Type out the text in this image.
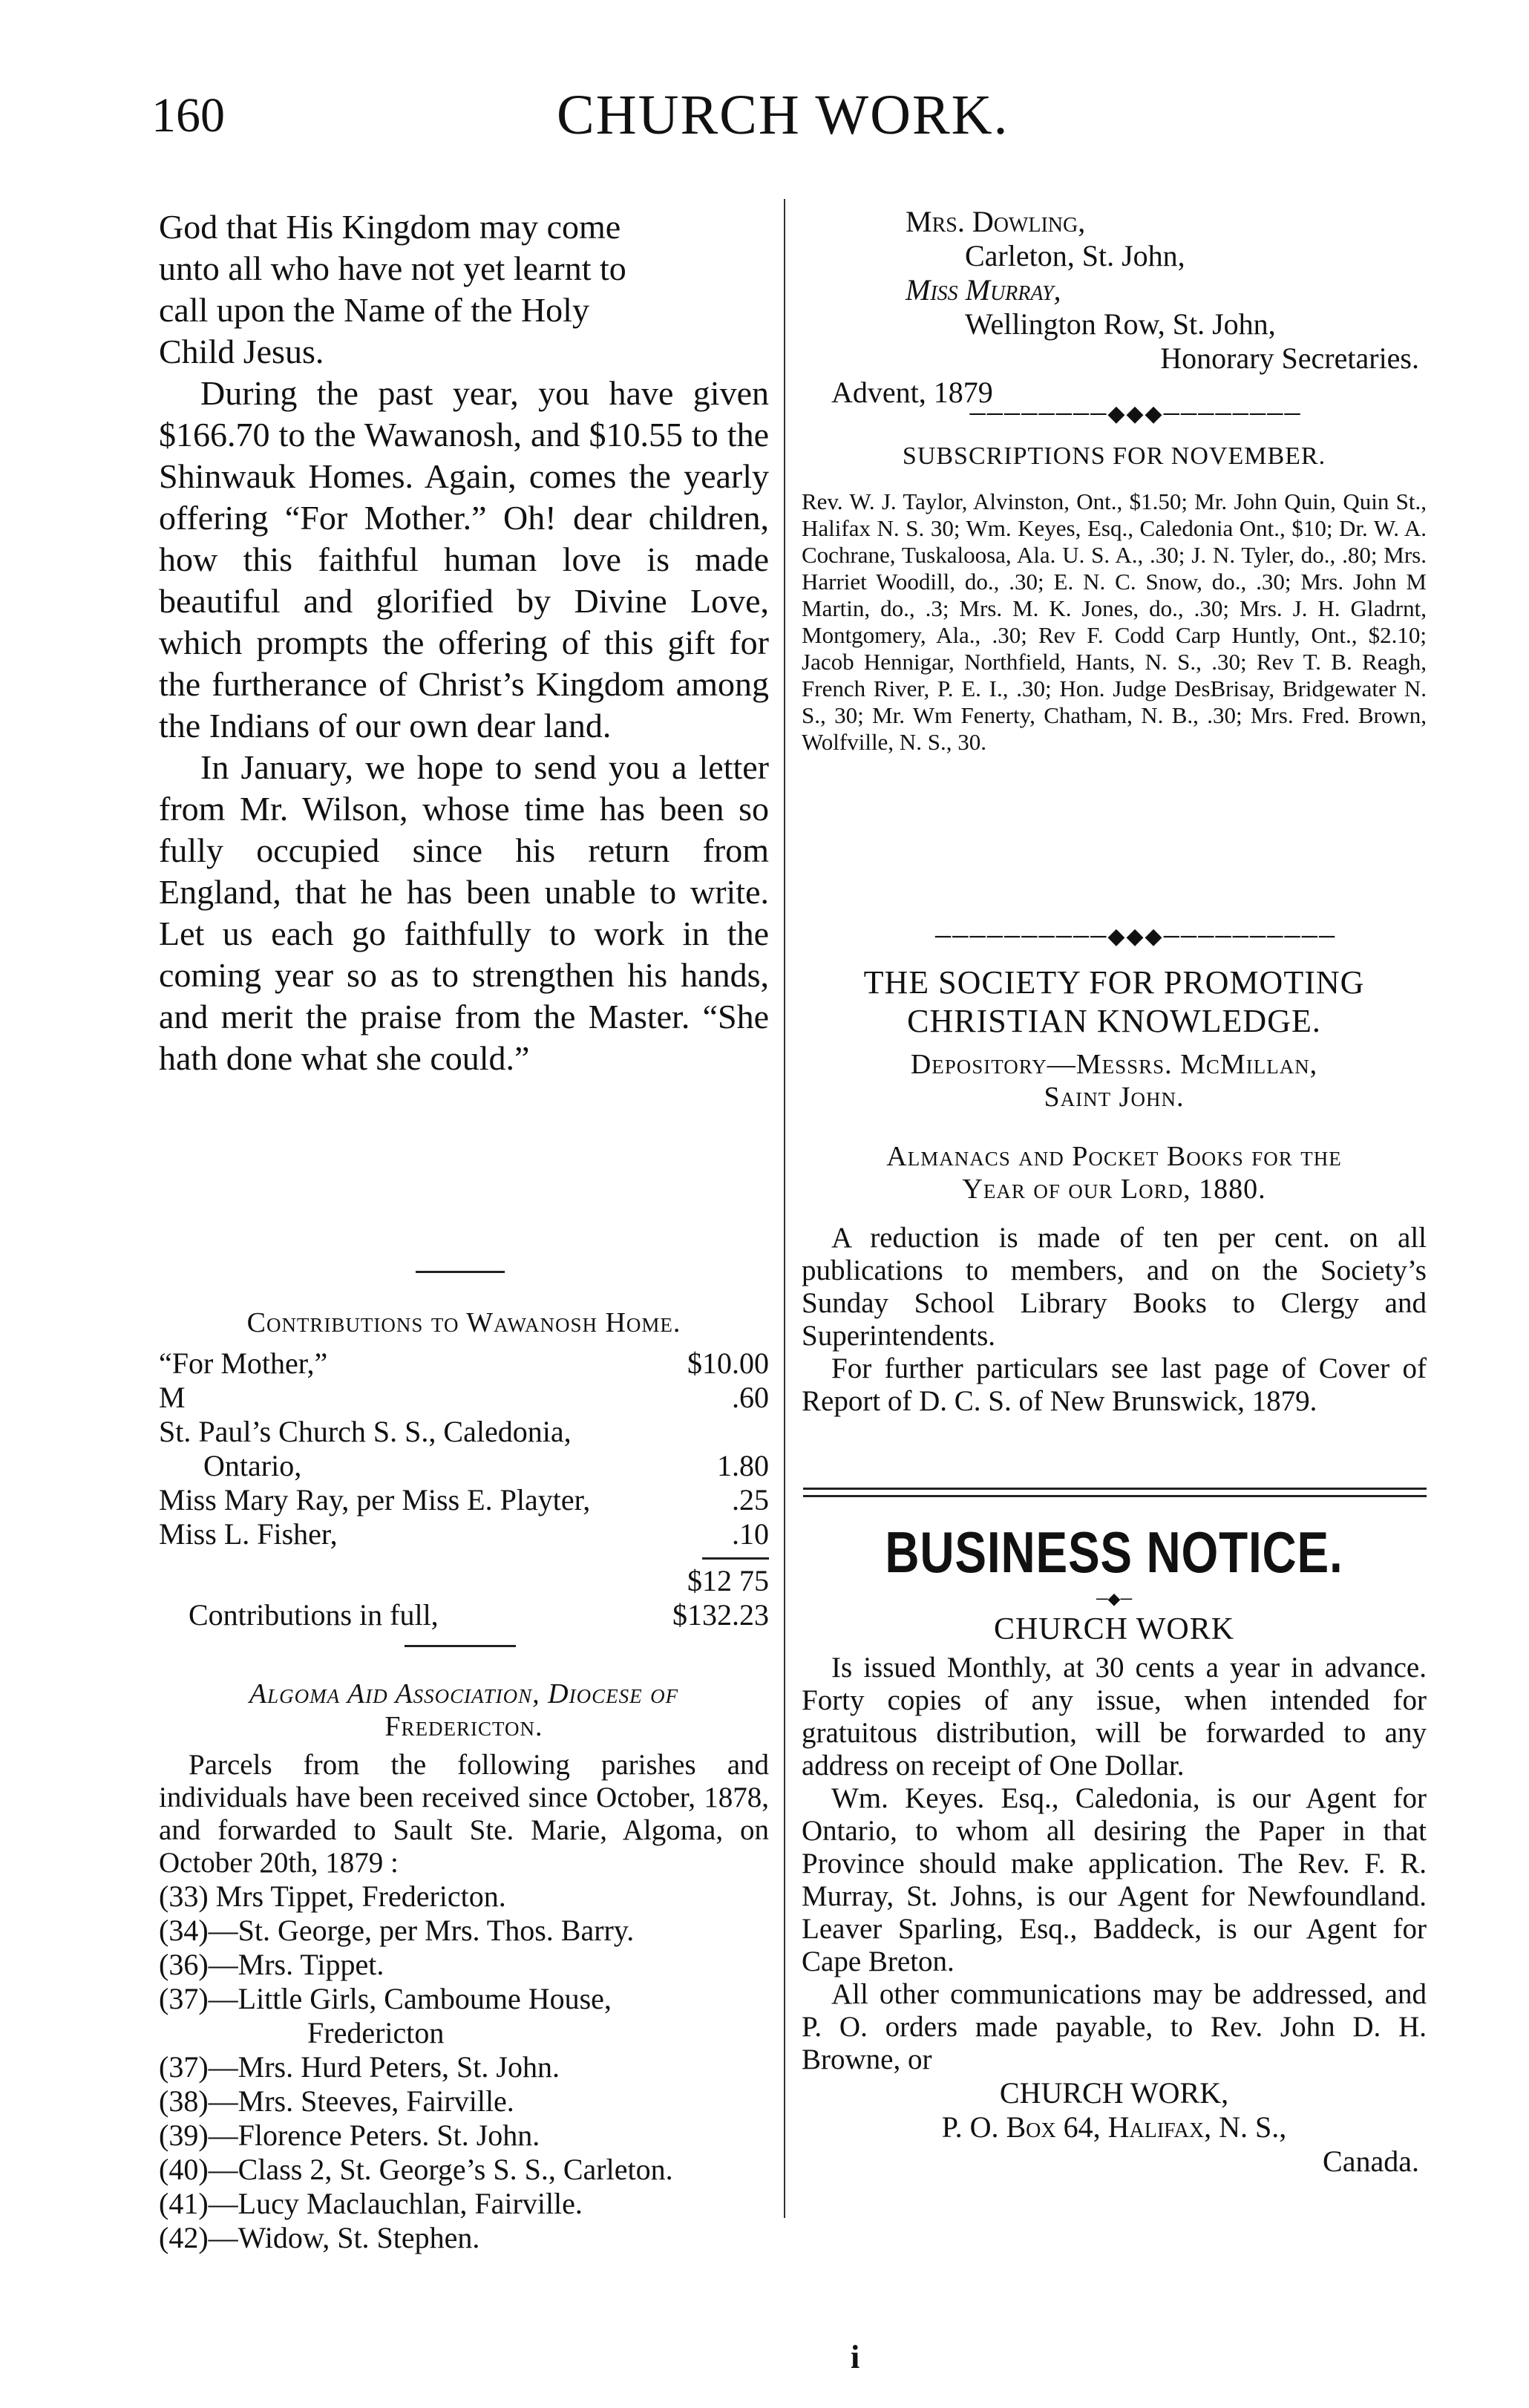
160	CHURCH WORK.
God that His Kingdom may come
unto all who have not yet learnt to
call upon the Name of the Holy
Child Jesus.

During the past year, you have given $166.70 to the Wawanosh, and $10.55 to the Shinwauk Homes. Again, comes the yearly offering “For Mother.” Oh! dear children, how this faithful human love is made beautiful and glorified by Divine Love, which prompts the offering of this gift for the furtherance of Christ’s Kingdom among the Indians of our own dear land.

In January, we hope to send you a letter from Mr. Wilson, whose time has been so fully occupied since his return from England, that he has been unable to write. Let us each go faithfully to work in the coming year so as to strengthen his hands, and merit the praise from the Master. “She hath done what she could.”

Contributions to Wawanosh Home.
“For Mother,”	$10.00
M	.60
St. Paul’s Church S. S., Caledonia,
Ontario,	1.80
Miss Mary Ray, per Miss E. Playter,	.25
Miss L. Fisher,	.10
$12 75
Contributions in full,	$132.23
Algoma Aid Association, Diocese of
Fredericton.

Parcels from the following parishes and individuals have been received since October, 1878, and forwarded to Sault Ste. Marie, Algoma, on October 20th, 1879 :

(33) Mrs Tippet, Fredericton.
(34)—St. George, per Mrs. Thos. Barry.
(36)—Mrs. Tippet.
(37)—Little Girls, Camboume House,
Fredericton
(37)—Mrs. Hurd Peters, St. John.
(38)—Mrs. Steeves, Fairville.
(39)—Florence Peters. St. John.
(40)—Class 2, St. George’s S. S., Carleton.
(41)—Lucy Maclauchlan, Fairville.
(42)—Widow, St. Stephen.
Mrs. Dowling,
Carleton, St. John,
Miss Murray,
Wellington Row, St. John,
Honorary Secretaries.
Advent, 1879
────────◆◆◆────────
SUBSCRIPTIONS FOR NOVEMBER.

Rev. W. J. Taylor, Alvinston, Ont., $1.50; Mr. John Quin, Quin St., Halifax N. S. 30; Wm. Keyes, Esq., Caledonia Ont., $10; Dr. W. A. Cochrane, Tuskaloosa, Ala. U. S. A., .30; J. N. Tyler, do., .80; Mrs. Harriet Woodill, do., .30; E. N. C. Snow, do., .30; Mrs. John M Martin, do., .3; Mrs. M. K. Jones, do., .30; Mrs. J. H. Gladrnt, Montgomery, Ala., .30; Rev F. Codd Carp Huntly, Ont., $2.10; Jacob Hennigar, Northfield, Hants, N. S., .30; Rev T. B. Reagh, French River, P. E. I., .30; Hon. Judge DesBrisay, Bridgewater N. S., 30; Mr. Wm Fenerty, Chatham, N. B., .30; Mrs. Fred. Brown, Wolfville, N. S., 30.

──────────◆◆◆──────────
THE SOCIETY FOR PROMOTING
CHRISTIAN KNOWLEDGE.
Depository—Messrs. McMillan,
Saint John.
Almanacs and Pocket Books for the
Year of our Lord, 1880.

A reduction is made of ten per cent. on all publications to members, and on the Society’s Sunday School Library Books to Clergy and Superintendents.

For further particulars see last page of Cover of Report of D. C. S. of New Brunswick, 1879.

BUSINESS NOTICE.
─◆─
CHURCH WORK

Is issued Monthly, at 30 cents a year in advance. Forty copies of any issue, when intended for gratuitous distribution, will be forwarded to any address on receipt of One Dollar.

Wm. Keyes. Esq., Caledonia, is our Agent for Ontario, to whom all desiring the Paper in that Province should make application. The Rev. F. R. Murray, St. Johns, is our Agent for Newfoundland. Leaver Sparling, Esq., Baddeck, is our Agent for Cape Breton.

All other communications may be addressed, and P. O. orders made payable, to Rev. John D. H. Browne, or

CHURCH WORK,
P. O. Box 64, Halifax, N. S.,
Canada.
i
